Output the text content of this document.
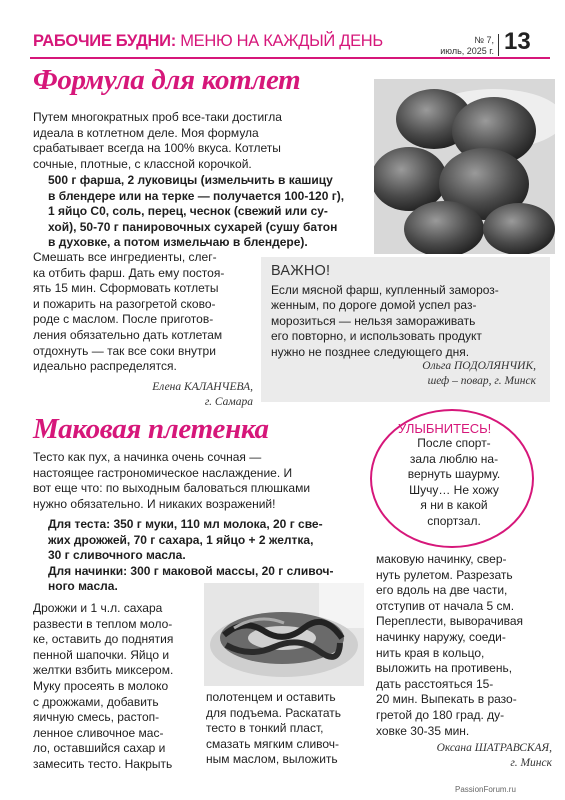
РАБОЧИЕ БУДНИ: МЕНЮ НА КАЖДЫЙ ДЕНЬ	№ 7,
июль, 2025 г. 13
Формула для котлет
Путем многократных проб все-таки достигла
идеала в котлетном деле. Моя формула
срабатывает всегда на 100% вкуса. Котлеты
сочные, плотные, с классной корочкой.
500 г фарша, 2 луковицы (измельчить в кашицу
в блендере или на терке — получается 100-120 г),
1 яйцо С0, соль, перец, чеснок (свежий или су-
хой), 50-70 г панировочных сухарей (сушу батон
в духовке, а потом измельчаю в блендере).
Смешать все ингредиенты, слег-
ка отбить фарш. Дать ему постоя-
ять 15 мин. Сформовать котлеты
и пожарить на разогретой сково-
роде с маслом. После приготов-
ления обязательно дать котлетам
отдохнуть — так все соки внутри
идеально распределятся.
Елена КАЛАНЧЕВА,
г. Самара
ВАЖНО!
Если мясной фарш, купленный замороз-
женным, по дороге домой успел раз-
морозиться — нельзя замораживать
его повторно, и использовать продукт
нужно не позднее следующего дня.
Ольга ПОДОЛЯНЧИК,
шеф – повар, г. Минск
УЛЫБНИТЕСЬ!
После спорт-
зала люблю на-
вернуть шаурму.
Шучу… Не хожу
я ни в какой
спортзал.
Маковая плетенка
Тесто как пух, а начинка очень сочная —
настоящее гастрономическое наслаждение. И
вот еще что: по выходным баловаться плюшками
нужно обязательно. И никаких возражений!
Для теста: 350 г муки, 110 мл молока, 20 г све-
жих дрожжей, 70 г сахара, 1 яйцо + 2 желтка,
30 г сливочного масла.
Для начинки: 300 г маковой массы, 20 г сливоч-
ного масла.
Дрожжи и 1 ч.л. сахара
развести в теплом моло-
ке, оставить до поднятия
пенной шапочки. Яйцо и
желтки взбить миксером.
Муку просеять в молоко
с дрожжами, добавить
яичную смесь, растоп-
ленное сливочное мас-
ло, оставшийся сахар и
замесить тесто. Накрыть
полотенцем и оставить
для подъема. Раскатать
тесто в тонкий пласт,
смазать мягким сливоч-
ным маслом, выложить
маковую начинку, свер-
нуть рулетом. Разрезать
его вдоль на две части,
отступив от начала 5 см.
Переплести, выворачивая
начинку наружу, соеди-
нить края в кольцо,
выложить на противень,
дать расстояться 15-
20 мин. Выпекать в разо-
гретой до 180 град. ду-
ховке 30-35 мин.
Оксана ШАТРАВСКАЯ,
г. Минск
PassionForum.ru
